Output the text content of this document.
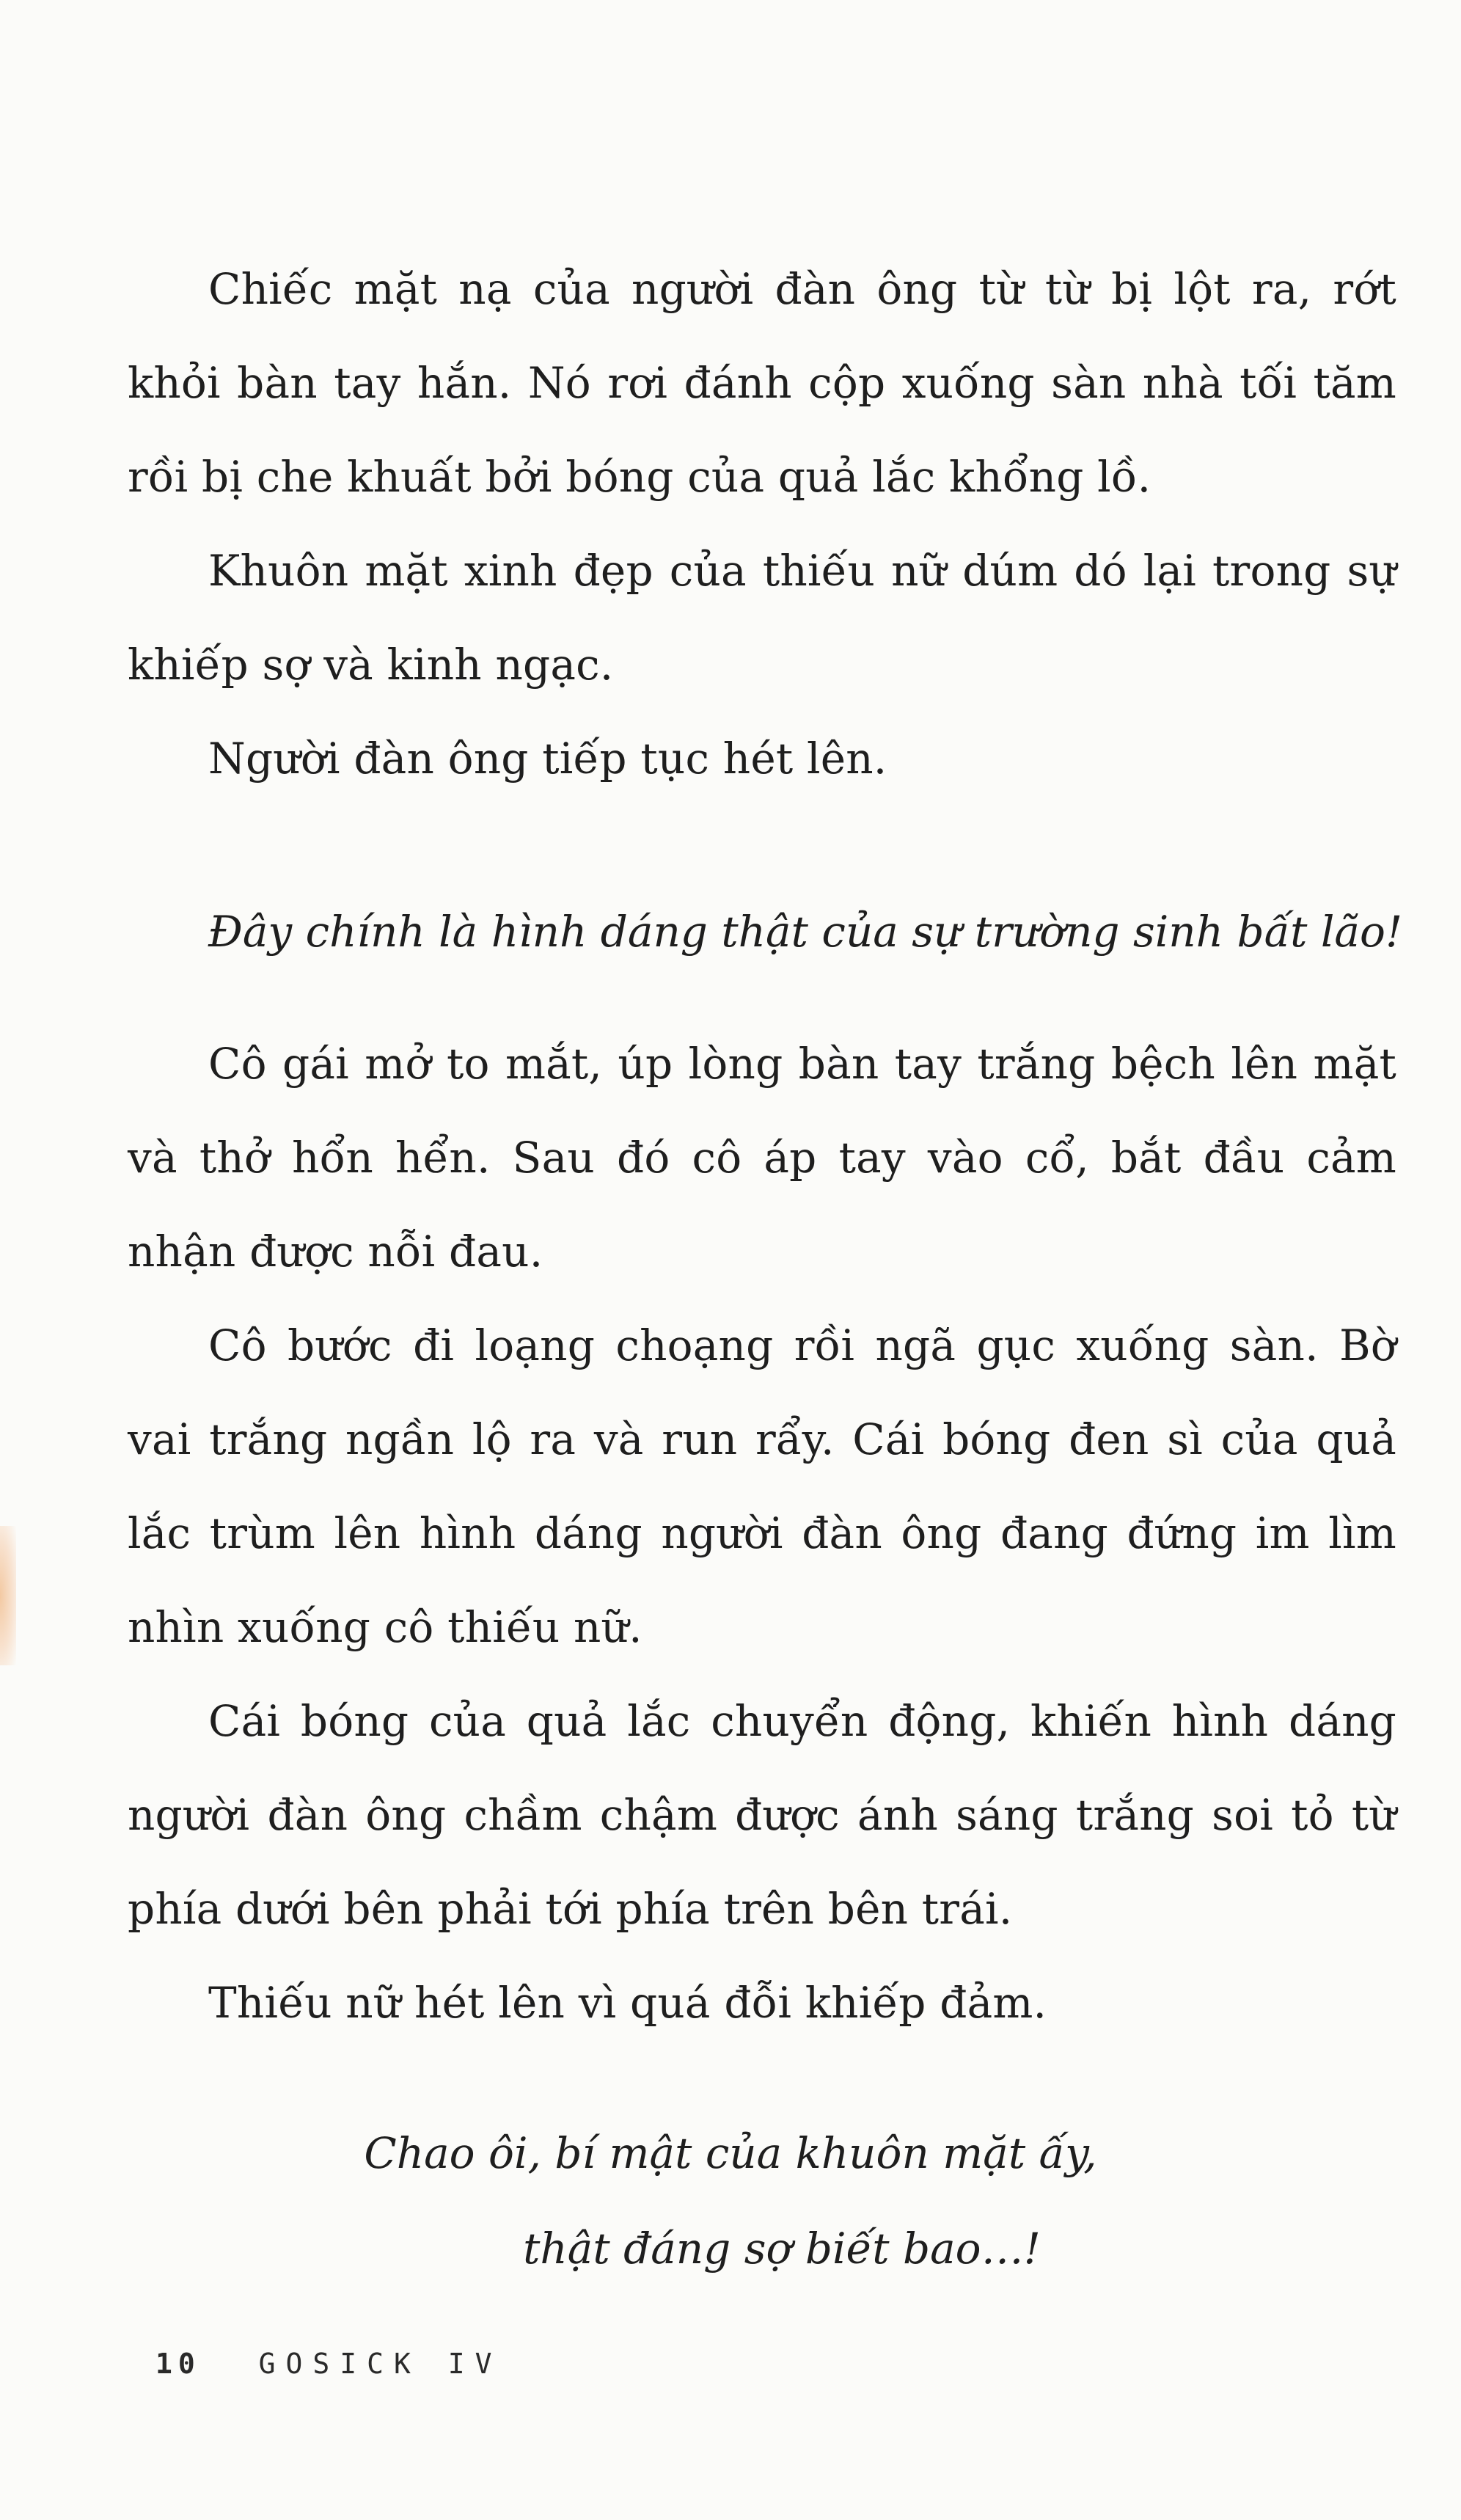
Chiếc mặt nạ của người đàn ông từ từ bị lột ra, rớt khỏi bàn tay hắn. Nó rơi đánh cộp xuống sàn nhà tối tăm rồi bị che khuất bởi bóng của quả lắc khổng lồ.

Khuôn mặt xinh đẹp của thiếu nữ dúm dó lại trong sự khiếp sợ và kinh ngạc.

Người đàn ông tiếp tục hét lên.

Đây chính là hình dáng thật của sự trường sinh bất lão!

Cô gái mở to mắt, úp lòng bàn tay trắng bệch lên mặt và thở hổn hển. Sau đó cô áp tay vào cổ, bắt đầu cảm nhận được nỗi đau.

Cô bước đi loạng choạng rồi ngã gục xuống sàn. Bờ vai trắng ngần lộ ra và run rẩy. Cái bóng đen sì của quả lắc trùm lên hình dáng người đàn ông đang đứng im lìm nhìn xuống cô thiếu nữ.

Cái bóng của quả lắc chuyển động, khiến hình dáng người đàn ông chầm chậm được ánh sáng trắng soi tỏ từ phía dưới bên phải tới phía trên bên trái.

Thiếu nữ hét lên vì quá đỗi khiếp đảm.

Chao ôi, bí mật của khuôn mặt ấy,
thật đáng sợ biết bao…!

10 GOSICK IV
